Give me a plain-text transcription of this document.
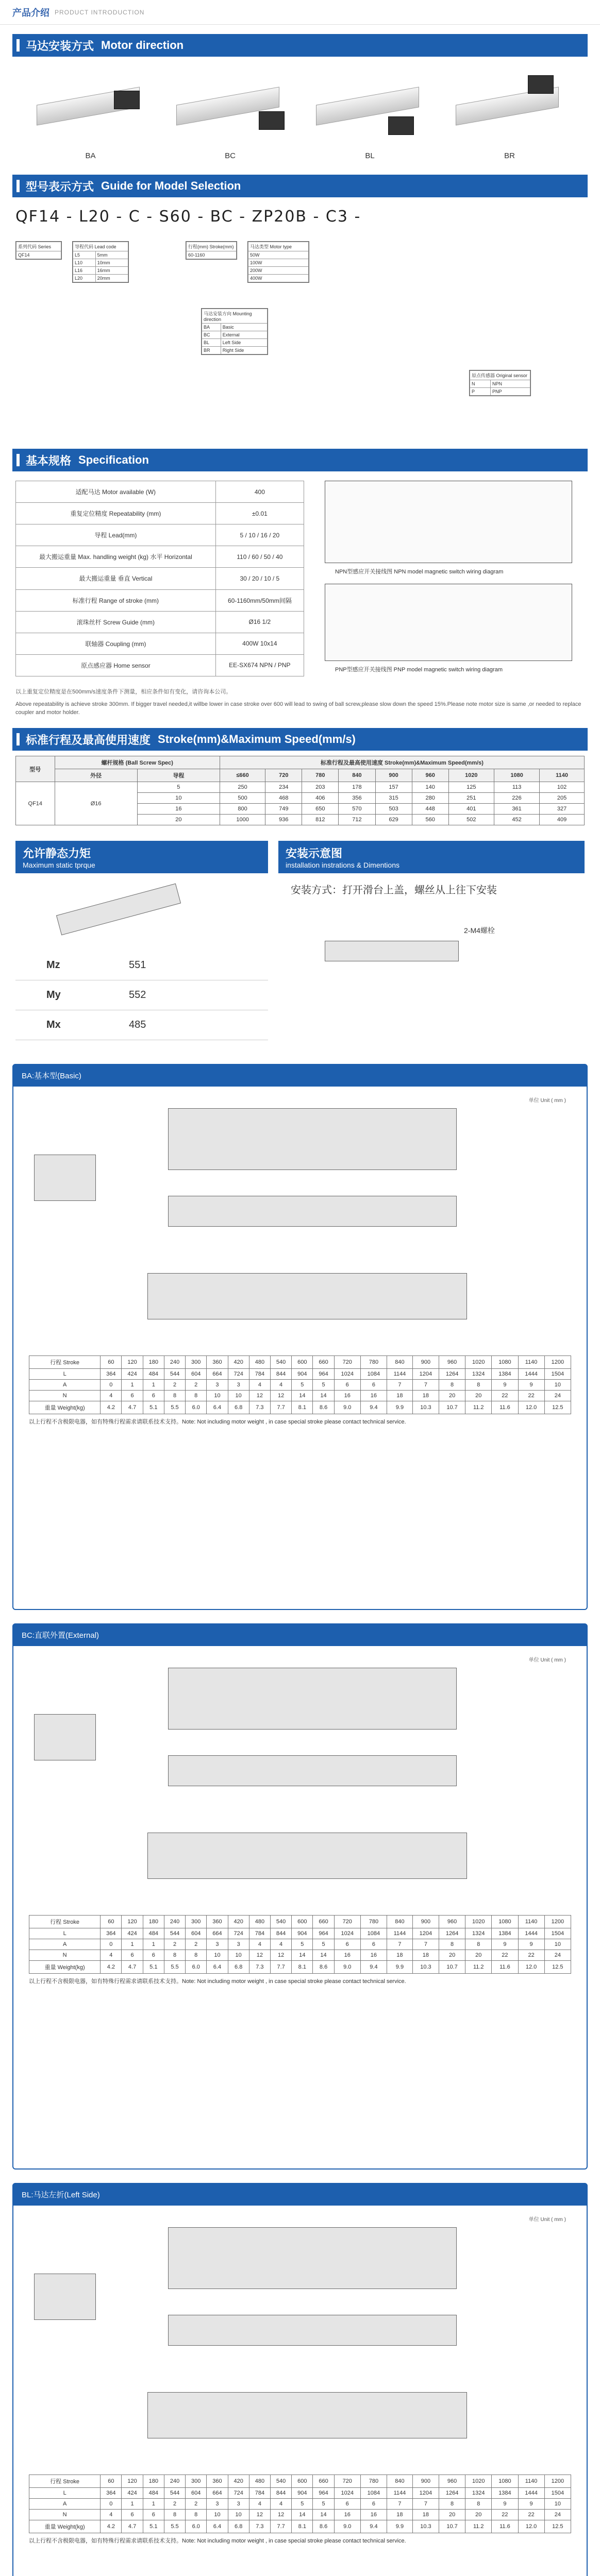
产品介绍 PRODUCT INTRODUCTION
马达安装方式 Motor direction
BA	BC	BL	BR
型号表示方式 Guide for Model Selection
QF14 - L20 - C - S60 - BC - ZP20B - C3 -
系列代码 Series
QF14
导程代码 Lead code	
L5	5mm
L10	10mm
L16	16mm
L20	20mm
行程(mm) Stroke(mm)
60-1160
马达类型 Motor type
50W
100W
200W
400W
马达安装方向 Mounting direction	
BA	Basic
BC	External
BL	Left Side
BR	Right Side
原点传感器 Original sensor	
N	NPN
P	PNP
基本规格 Specification
适配马达 Motor available (W)	400
重复定位精度 Repeatability (mm)	±0.01
导程 Lead(mm)	5 / 10 / 16 / 20
最大搬运重量 Max. handling weight (kg) 水平 Horizontal	110 / 60 / 50 / 40
最大搬运重量 垂直 Vertical	30 / 20 / 10 / 5
标准行程 Range of stroke (mm)	60-1160mm/50mm间隔
滚珠丝杆 Screw Guide (mm)	Ø16 1/2
联轴器 Coupling (mm)	400W 10x14
原点感应器 Home sensor	EE-SX674 NPN / PNP
NPN型感应开关接线图 NPN model magnetic switch wiring diagram
PNP型感应开关接线图 PNP model magnetic switch wiring diagram
以上重复定位精度是在500mm/s速度条件下测量，相应条件如有变化，请咨询本公司。
Above repeatability is achieve stroke 300mm. If bigger travel needed,it willbe lower in case stroke over 600 will lead to swing of ball screw,please slow down the speed 15%.Please note motor size is same ,or needed to replace coupler and motor holder.
标准行程及最高使用速度 Stroke(mm)&Maximum Speed(mm/s)
型号	螺杆规格 (Ball Screw Spec)		标准行程及最高使用速度 Stroke(mm)&Maximum Speed(mm/s)								
	外径	导程	≤660	720	780	840	900	960	1020	1080	1140
QF14	Ø16	5	250	234	203	178	157	140	125	113	102
		10	500	468	406	356	315	280	251	226	205
		16	800	749	650	570	503	448	401	361	327
		20	1000	936	812	712	629	560	502	452	409
允许静态力矩
Maximum static tprque
Mz	551
My	552
Mx	485
安装示意图
installation instrations & Dimentions
安装方式：打开滑台上盖，螺丝从上往下安装
2-M4螺栓
BA:基本型(Basic)
单位 Unit ( mm )
行程 Stroke	60	120	180	240	300	360	420	480	540	600	660	720	780	840	900	960	1020	1080	1140	1200
L	364	424	484	544	604	664	724	784	844	904	964	1024	1084	1144	1204	1264	1324	1384	1444	1504
A	0	1	1	2	2	3	3	4	4	5	5	6	6	7	7	8	8	9	9	10
N	4	6	6	8	8	10	10	12	12	14	14	16	16	18	18	20	20	22	22	24
重量 Weight(kg)	4.2	4.7	5.1	5.5	6.0	6.4	6.8	7.3	7.7	8.1	8.6	9.0	9.4	9.9	10.3	10.7	11.2	11.6	12.0	12.5
以上行程不含极限电器，如有特殊行程需求请联系技术支持。Note: Not including motor weight , in case special stroke please contact technical service.
BC:直联外置(External)
单位 Unit ( mm )
行程 Stroke	60	120	180	240	300	360	420	480	540	600	660	720	780	840	900	960	1020	1080	1140	1200
L	364	424	484	544	604	664	724	784	844	904	964	1024	1084	1144	1204	1264	1324	1384	1444	1504
A	0	1	1	2	2	3	3	4	4	5	5	6	6	7	7	8	8	9	9	10
N	4	6	6	8	8	10	10	12	12	14	14	16	16	18	18	20	20	22	22	24
重量 Weight(kg)	4.2	4.7	5.1	5.5	6.0	6.4	6.8	7.3	7.7	8.1	8.6	9.0	9.4	9.9	10.3	10.7	11.2	11.6	12.0	12.5
以上行程不含极限电器，如有特殊行程需求请联系技术支持。Note: Not including motor weight , in case special stroke please contact technical service.
BL:马达左折(Left Side)
单位 Unit ( mm )
行程 Stroke	60	120	180	240	300	360	420	480	540	600	660	720	780	840	900	960	1020	1080	1140	1200
L	364	424	484	544	604	664	724	784	844	904	964	1024	1084	1144	1204	1264	1324	1384	1444	1504
A	0	1	1	2	2	3	3	4	4	5	5	6	6	7	7	8	8	9	9	10
N	4	6	6	8	8	10	10	12	12	14	14	16	16	18	18	20	20	22	22	24
重量 Weight(kg)	4.2	4.7	5.1	5.5	6.0	6.4	6.8	7.3	7.7	8.1	8.6	9.0	9.4	9.9	10.3	10.7	11.2	11.6	12.0	12.5
以上行程不含极限电器，如有特殊行程需求请联系技术支持。Note: Not including motor weight , in case special stroke please contact technical service.
